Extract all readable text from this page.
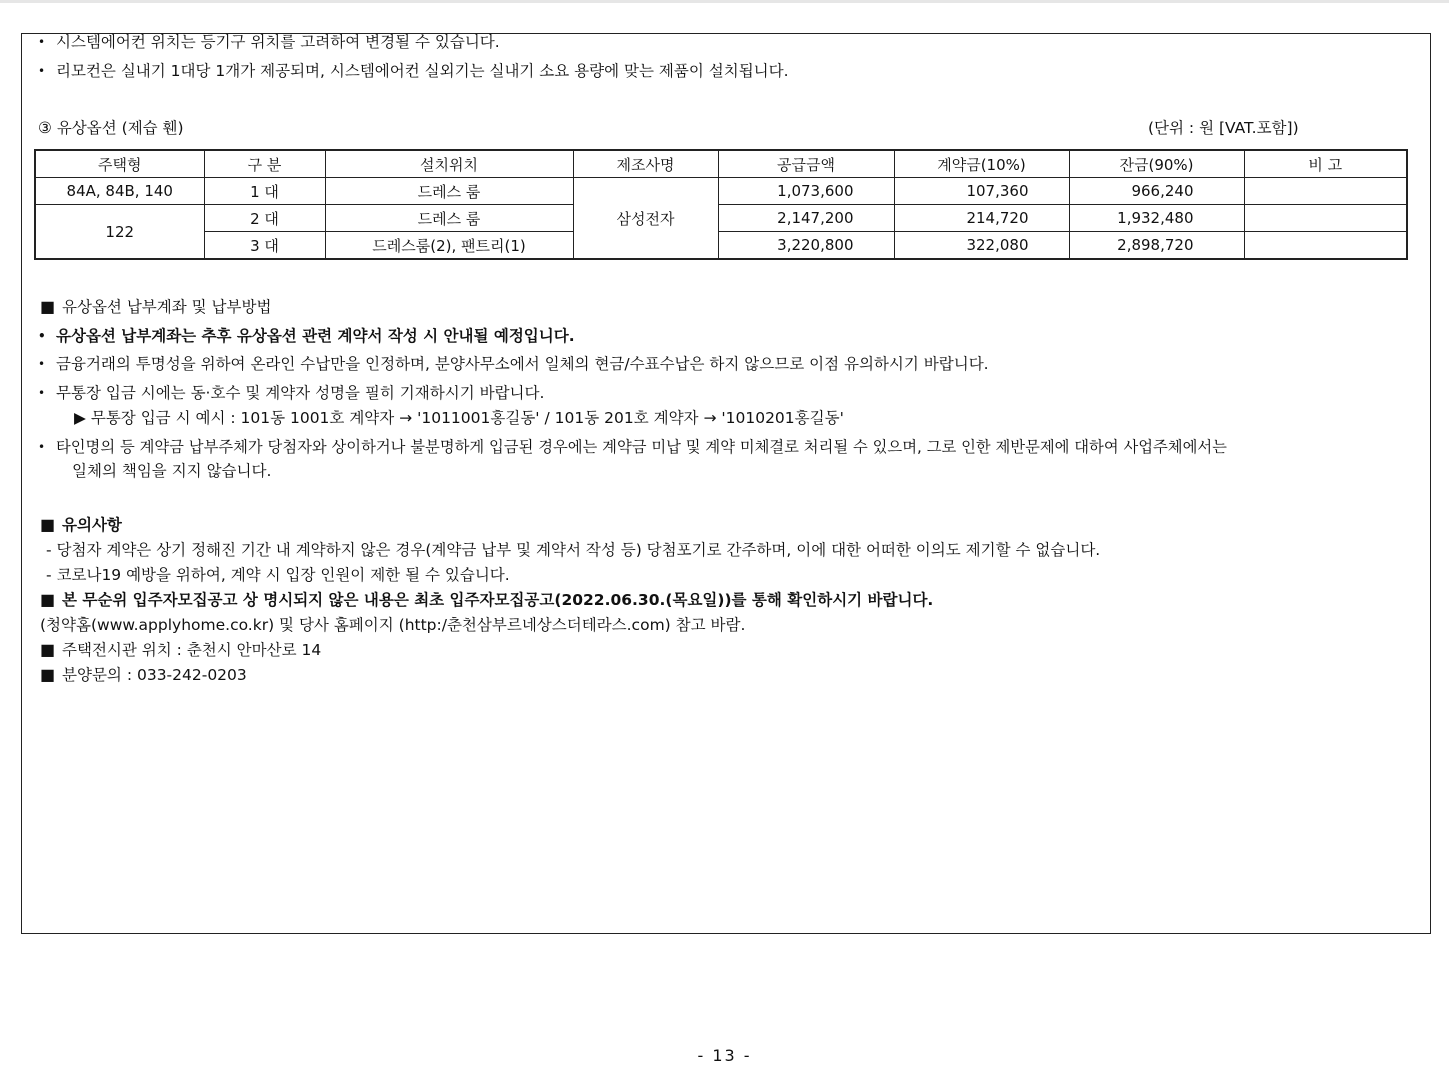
• 시스템에어컨 위치는 등기구 위치를 고려하여 변경될 수 있습니다.
• 리모컨은 실내기 1대당 1개가 제공되며, 시스템에어컨 실외기는 실내기 소요 용량에 맞는 제품이 설치됩니다.
③ 유상옵션 (제습 휀)	(단위 : 원 [VAT.포함])
주택형	구 분	설치위치	제조사명	공급금액	계약금(10%)	잔금(90%)	비 고
84A, 84B, 140	1 대	드레스 룸	삼성전자	1,073,600	107,360	966,240	
122	2 대	드레스 룸		2,147,200	214,720	1,932,480	
	3 대	드레스룸(2), 팬트리(1)		3,220,800	322,080	2,898,720	
■ 유상옵션 납부계좌 및 납부방법
• 유상옵션 납부계좌는 추후 유상옵션 관련 계약서 작성 시 안내될 예정입니다.
• 금융거래의 투명성을 위하여 온라인 수납만을 인정하며, 분양사무소에서 일체의 현금/수표수납은 하지 않으므로 이점 유의하시기 바랍니다.
• 무통장 입금 시에는 동·호수 및 계약자 성명을 필히 기재하시기 바랍니다.
▶ 무통장 입금 시 예시 : 101동 1001호 계약자 → '1011001홍길동' / 101동 201호 계약자 → '1010201홍길동'
• 타인명의 등 계약금 납부주체가 당첨자와 상이하거나 불분명하게 입금된 경우에는 계약금 미납 및 계약 미체결로 처리될 수 있으며, 그로 인한 제반문제에 대하여 사업주체에서는
일체의 책임을 지지 않습니다.
■ 유의사항
- 당첨자 계약은 상기 정해진 기간 내 계약하지 않은 경우(계약금 납부 및 계약서 작성 등) 당첨포기로 간주하며, 이에 대한 어떠한 이의도 제기할 수 없습니다.
- 코로나19 예방을 위하여, 계약 시 입장 인원이 제한 될 수 있습니다.
■ 본 무순위 입주자모집공고 상 명시되지 않은 내용은 최초 입주자모집공고(2022.06.30.(목요일))를 통해 확인하시기 바랍니다.
(청약홈(www.applyhome.co.kr) 및 당사 홈페이지 (http:/춘천삼부르네상스더테라스.com) 참고 바람.
■ 주택전시관 위치 : 춘천시 안마산로 14
■ 분양문의 : 033-242-0203
- 13 -
